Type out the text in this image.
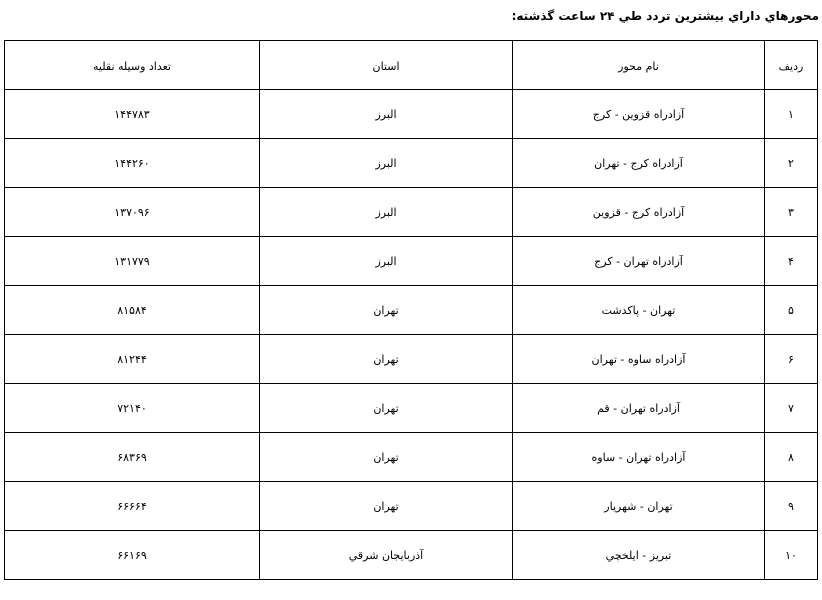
محورهاي داراي بيشترين تردد طي ۲۴ ساعت گذشته:
رديف	نام محور	استان	تعداد وسيله نقليه
۱	آزادراه قزوين - كرج	البرز	۱۴۴۷۸۳
۲	آزادراه كرج - تهران	البرز	۱۴۴۲۶۰
۳	آزادراه كرج - قزوين	البرز	۱۳۷۰۹۶
۴	آزادراه تهران - كرج	البرز	۱۳۱۷۷۹
۵	تهران - پاكدشت	تهران	۸۱۵۸۴
۶	آزادراه ساوه - تهران	تهران	۸۱۲۴۴
۷	آزادراه تهران - قم	تهران	۷۲۱۴۰
۸	آزادراه تهران - ساوه	تهران	۶۸۳۶۹
۹	تهران - شهريار	تهران	۶۶۶۶۴
۱۰	تبريز - ايلخچي	آذربايجان شرقي	۶۶۱۶۹
